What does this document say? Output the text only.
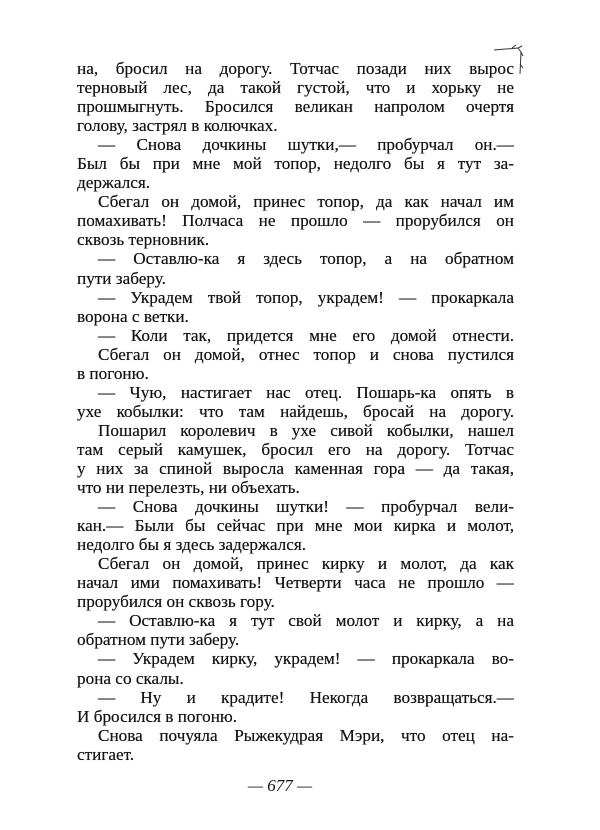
на, бросил на дорогу. Тотчас позади них вырос
терновый лес, да такой густой, что и хорьку не
прошмыгнуть. Бросился великан напролом очертя
голову, застрял в колючках.
— Снова дочкины шутки,— пробурчал он.—
Был бы при мне мой топор, недолго бы я тут за-
держался.
Сбегал он домой, принес топор, да как начал им
помахивать! Полчаса не прошло — прорубился он
сквозь терновник.
— Оставлю-ка я здесь топор, а на обратном
пути заберу.
— Украдем твой топор, украдем! — прокаркала
ворона с ветки.
— Коли так, придется мне его домой отнести.
Сбегал он домой, отнес топор и снова пустился
в погоню.
— Чую, настигает нас отец. Пошарь-ка опять в
ухе кобылки: что там найдешь, бросай на дорогу.
Пошарил королевич в ухе сивой кобылки, нашел
там серый камушек, бросил его на дорогу. Тотчас
у них за спиной выросла каменная гора — да такая,
что ни перелезть, ни объехать.
— Снова дочкины шутки! — пробурчал вели-
кан.— Были бы сейчас при мне мои кирка и молот,
недолго бы я здесь задержался.
Сбегал он домой, принес кирку и молот, да как
начал ими помахивать! Четверти часа не прошло —
прорубился он сквозь гору.
— Оставлю-ка я тут свой молот и кирку, а на
обратном пути заберу.
— Украдем кирку, украдем! — прокаркала во-
рона со скалы.
— Ну и крадите! Некогда возвращаться.—
И бросился в погоню.
Снова почуяла Рыжекудрая Мэри, что отец на-
стигает.
— 677 —
